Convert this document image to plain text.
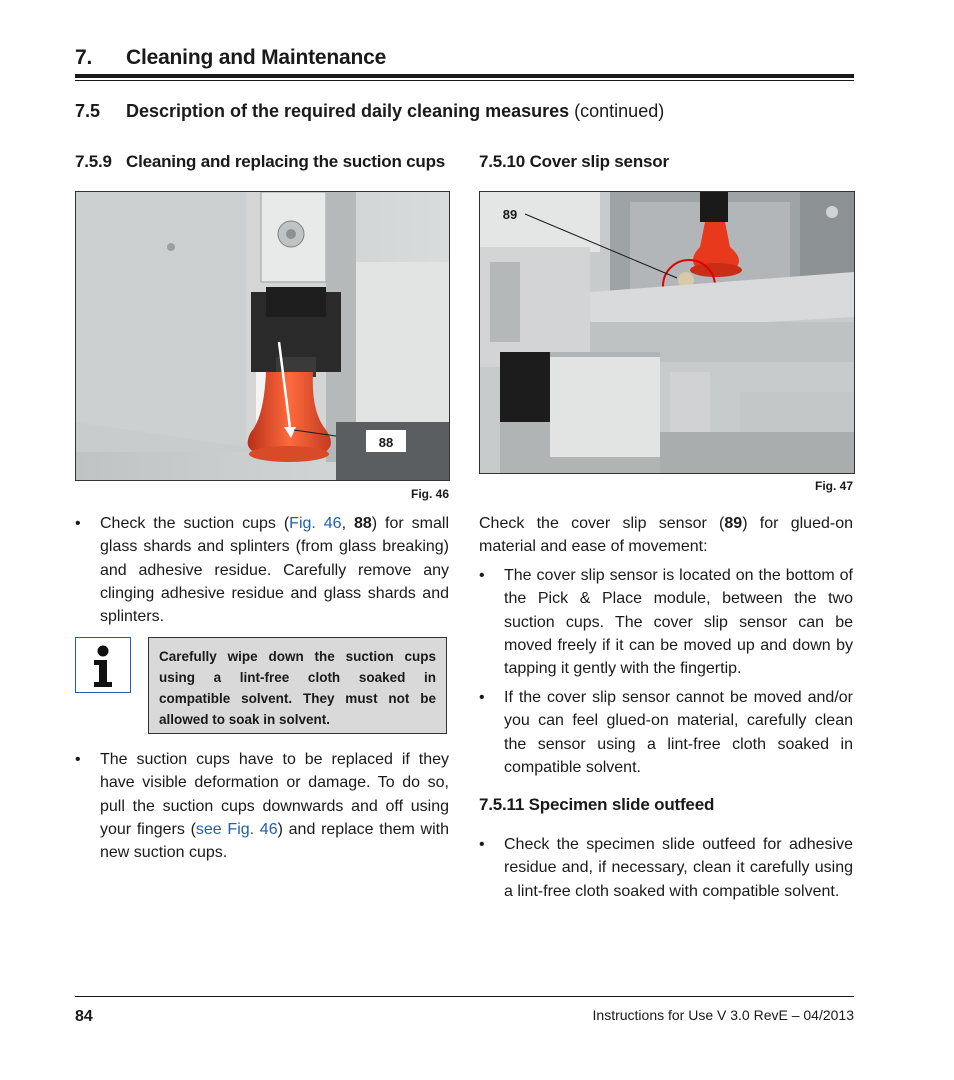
7. Cleaning and Maintenance
7.5 Description of the required daily cleaning measures (continued)
7.5.9 Cleaning and replacing the suction cups
88
Fig. 46
• Check the suction cups (Fig. 46, 88) for small glass shards and splinters (from glass breaking) and adhesive residue. Carefully remove any clinging adhesive residue and glass shards and splinters.
Carefully wipe down the suction cups using a lint-free cloth soaked in compatible solvent. They must not be allowed to soak in solvent.
• The suction cups have to be replaced if they have visible deformation or damage. To do so, pull the suction cups downwards and off using your fingers (see Fig. 46) and replace them with new suction cups.
7.5.10 Cover slip sensor
89
Fig. 47
Check the cover slip sensor (89) for glued-on material and ease of movement:
• The cover slip sensor is located on the bottom of the Pick & Place module, between the two suction cups. The cover slip sensor can be moved freely if it can be moved up and down by tapping it gently with the fingertip.
• If the cover slip sensor cannot be moved and/or you can feel glued-on material, carefully clean the sensor using a lint-free cloth soaked in compatible solvent.
7.5.11 Specimen slide outfeed
• Check the specimen slide outfeed for adhesive residue and, if necessary, clean it carefully using a lint-free cloth soaked with compatible solvent.
84	Instructions for Use V 3.0 RevE – 04/2013
